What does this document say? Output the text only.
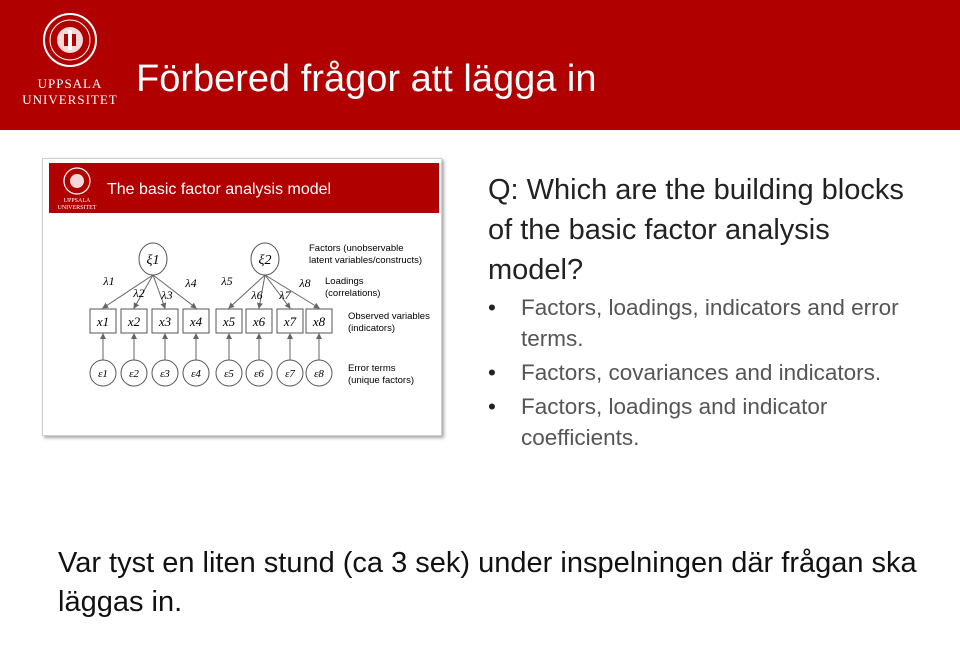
UPPSALA
UNIVERSITET Förbered frågor att lägga in
UPPSALA
UNIVERSITET
The basic factor analysis model
ξ1	ξ2
λ1
λ2 λ3
λ4 λ5
λ6 λ7
λ8
x1
ε1
x2
ε2
x3
ε3
x4
ε4
x5
ε5
x6
ε6
x7
ε7
x8
ε8
Factors (unobservable
latent variables/constructs)
Loadings
(correlations)
Observed variables
(indicators)
Error terms
(unique factors)
Q: Which are the building blocks of the basic factor analysis model?
• Factors, loadings, indicators and error terms.
• Factors, covariances and indicators.
• Factors, loadings and indicator coefficients.
Var tyst en liten stund (ca 3 sek) under inspelningen där frågan ska läggas in.
